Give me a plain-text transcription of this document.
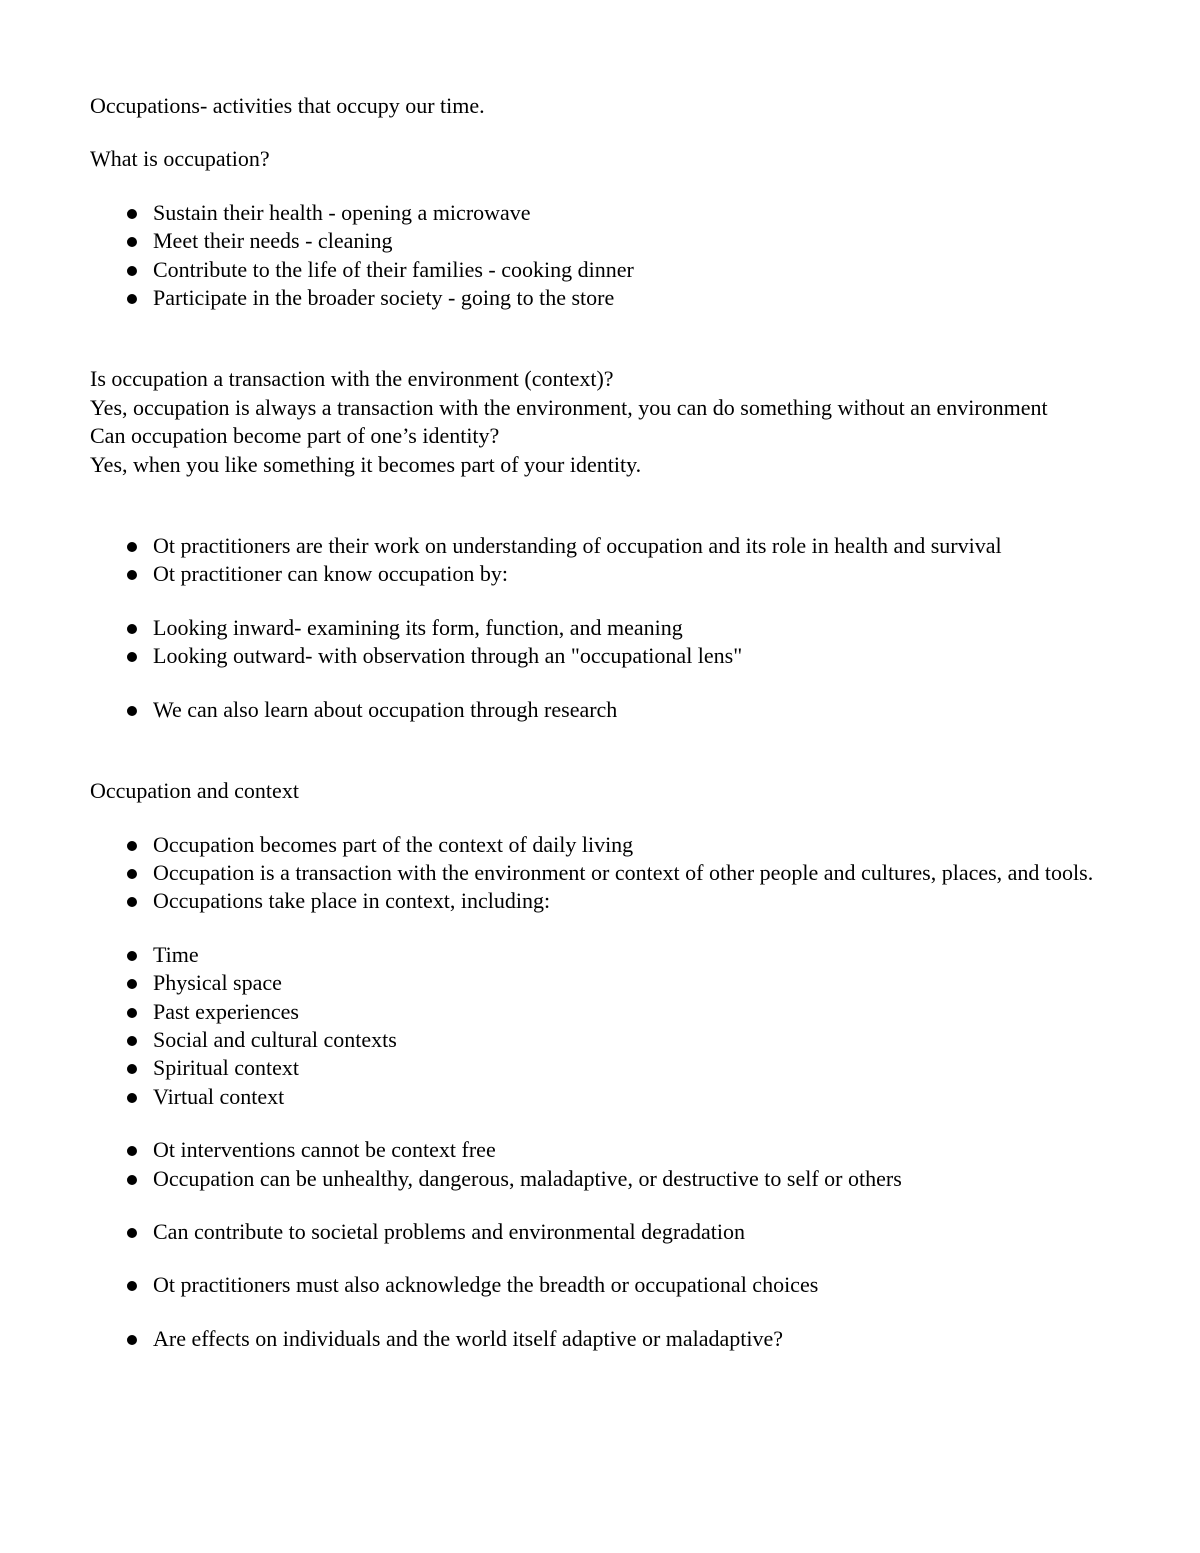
Occupations- activities that occupy our time.

What is occupation?

Sustain their health - opening a microwave
Meet their needs - cleaning
Contribute to the life of their families - cooking dinner
Participate in the broader society - going to the store

Is occupation a transaction with the environment (context)?

Yes, occupation is always a transaction with the environment, you can do something without an environment

Can occupation become part of one’s identity?

Yes, when you like something it becomes part of your identity.

Ot practitioners are their work on understanding of occupation and its role in health and survival
Ot practitioner can know occupation by:
Looking inward- examining its form, function, and meaning
Looking outward- with observation through an "occupational lens"
We can also learn about occupation through research

Occupation and context

Occupation becomes part of the context of daily living
Occupation is a transaction with the environment or context of other people and cultures, places, and tools.
Occupations take place in context, including:
Time
Physical space
Past experiences
Social and cultural contexts
Spiritual context
Virtual context
Ot interventions cannot be context free
Occupation can be unhealthy, dangerous, maladaptive, or destructive to self or others
Can contribute to societal problems and environmental degradation
Ot practitioners must also acknowledge the breadth or occupational choices
Are effects on individuals and the world itself adaptive or maladaptive?
